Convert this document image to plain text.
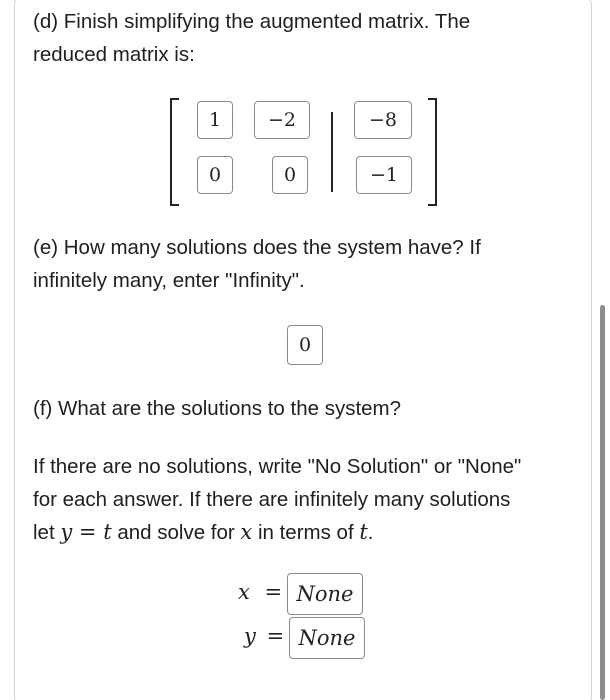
(d) Finish simplifying the augmented matrix. The
reduced matrix is:

1	−2	−8
0	0	−1

(e) How many solutions does the system have? If
infinitely many, enter "Infinity".

0

(f) What are the solutions to the system?

If there are no solutions, write "No Solution" or "None"
for each answer. If there are infinitely many solutions
let y = t and solve for x in terms of t.

x = None
y = None
